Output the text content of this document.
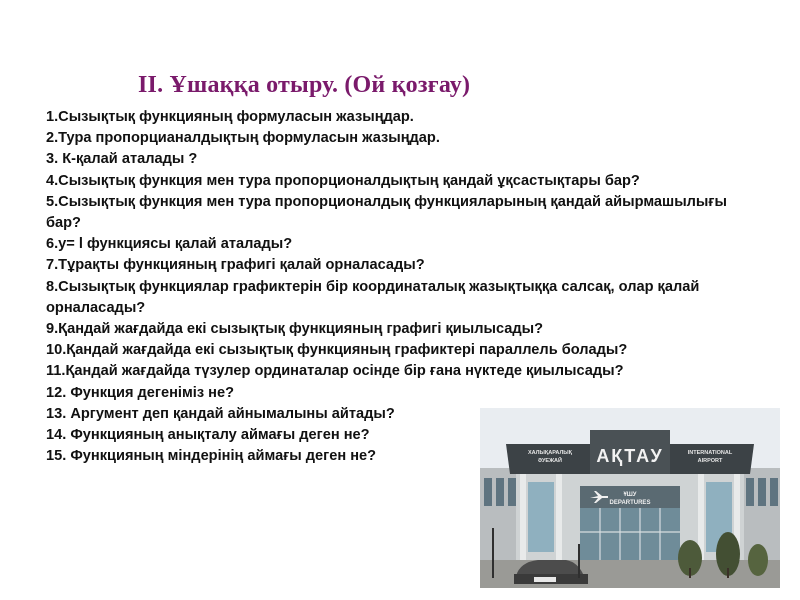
II. Ұшаққа отыру. (Ой қозғау)
1.Сызықтық функцияның формуласын жазыңдар.
2.Тура пропорцианалдықтың формуласын жазыңдар.
3. К-қалай аталады ?
4.Сызықтық функция мен тура пропорционалдықтың қандай ұқсастықтары бар?
5.Сызықтық функция мен тура пропорционалдық функцияларының қандай айырмашылығы бар?
6.y= l функциясы қалай аталады?
7.Тұрақты функцияның графигі қалай орналасады?
8.Сызықтық функциялар графиктерін бір координаталық жазықтыққа салсақ, олар қалай орналасады?
9.Қандай жағдайда екі сызықтық функцияның графигі қиылысады?
10.Қандай жағдайда екі сызықтық функцияның графиктері параллель болады?
11.Қандай жағдайда түзулер ординаталар осінде бір ғана нүктеде қиылысады?
12. Функция дегеніміз не?
13. Аргумент деп қандай айнымалыны айтады?
14. Функцияның анықталу аймағы деген не?
15. Функцияның міндерінің аймағы деген не?	АҚТАУ
ХАЛЫҚАРАЛЫҚ
ӘУЕЖАЙ
INTERNATIONAL
AIRPORT
ҰШУ
DEPARTURES
